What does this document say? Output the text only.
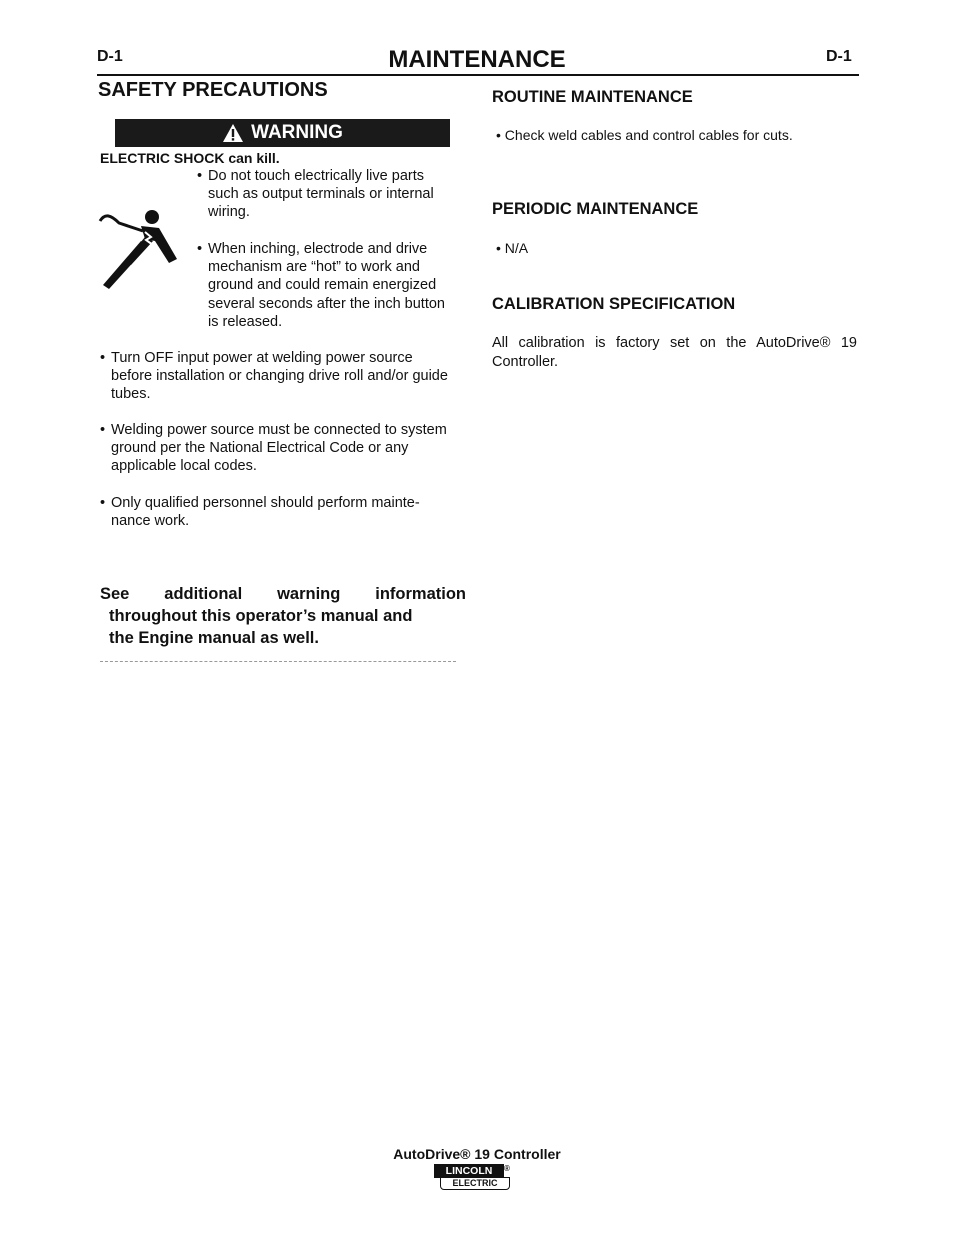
D-1	MAINTENANCE	D-1
SAFETY PRECAUTIONS
WARNING
ELECTRIC SHOCK can kill.
• Do not touch electrically live parts
such as output terminals or internal
wiring.
• When inching, electrode and drive
mechanism are “hot” to work and
ground and could remain energized
several seconds after the inch button
is released.
• Turn OFF input power at welding power source
before installation or changing drive roll and/or guide
tubes.
• Welding power source must be connected to system
ground per the National Electrical Code or any
applicable local codes.
• Only qualified personnel should perform mainte-
nance work.
See additional warning information
throughout this operator’s manual and
the Engine manual as well.
ROUTINE MAINTENANCE
• Check weld cables and control cables for cuts.
PERIODIC MAINTENANCE
• N/A
CALIBRATION SPECIFICATION
All calibration is factory set on the AutoDrive® 19 Controller.
AutoDrive® 19 Controller
LINCOLN	®
ELECTRIC
